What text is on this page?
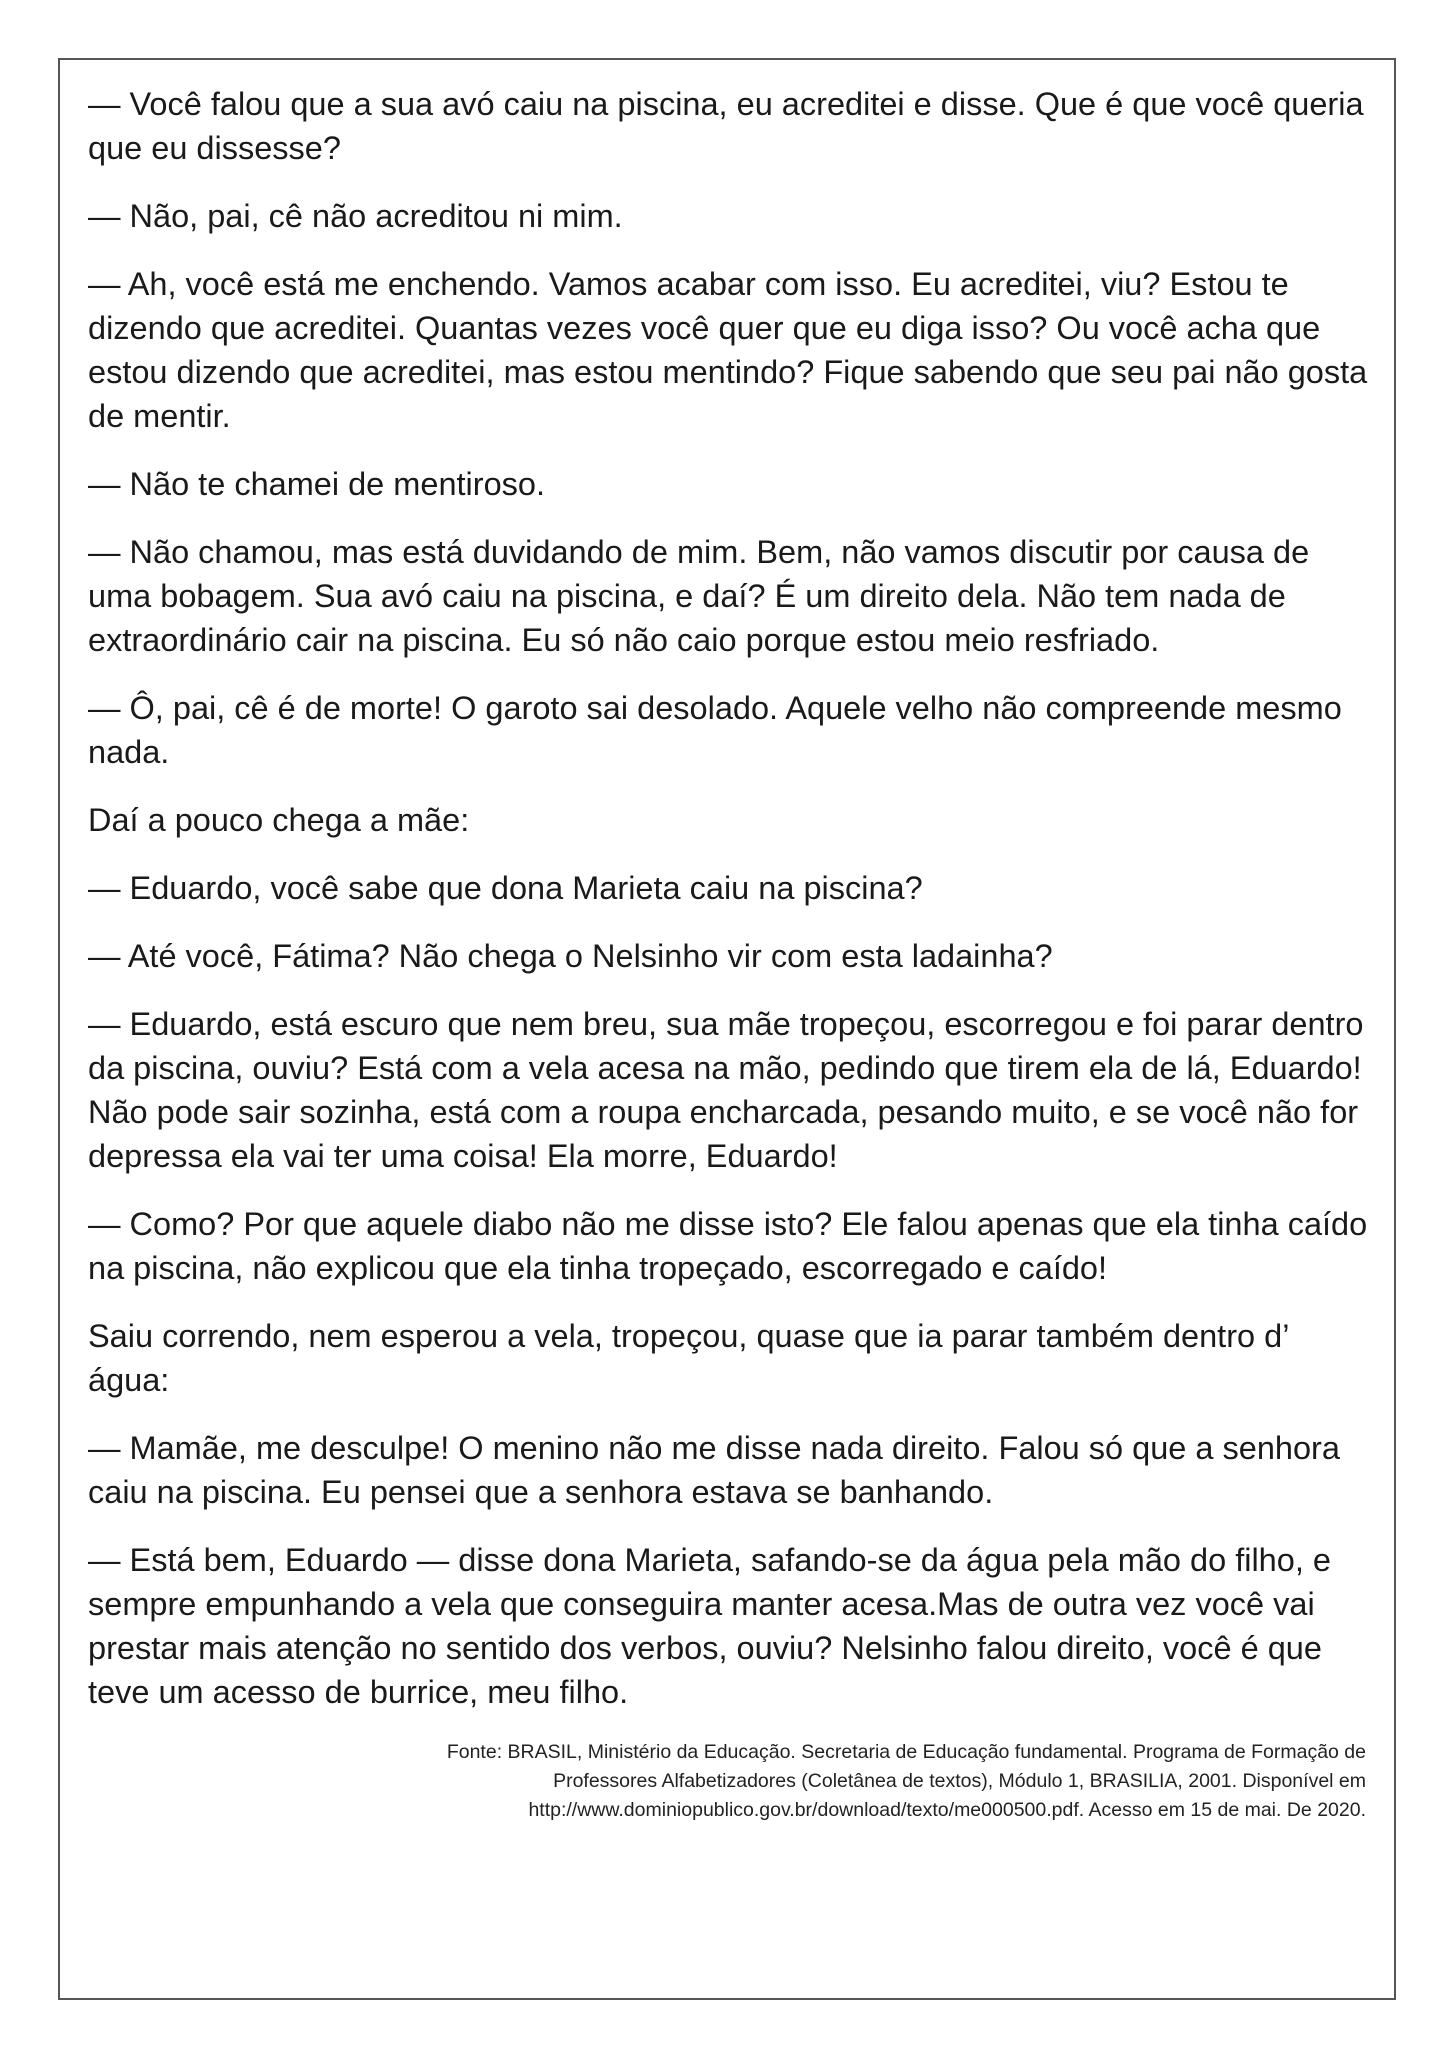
— Você falou que a sua avó caiu na piscina, eu acreditei e disse. Que é que você queria que eu dissesse?

— Não, pai, cê não acreditou ni mim.

— Ah, você está me enchendo. Vamos acabar com isso. Eu acreditei, viu? Estou te dizendo que acreditei. Quantas vezes você quer que eu diga isso? Ou você acha que estou dizendo que acreditei, mas estou mentindo? Fique sabendo que seu pai não gosta de mentir.

— Não te chamei de mentiroso.

— Não chamou, mas está duvidando de mim. Bem, não vamos discutir por causa de uma bobagem. Sua avó caiu na piscina, e daí? É um direito dela. Não tem nada de extraordinário cair na piscina. Eu só não caio porque estou meio resfriado.

— Ô, pai, cê é de morte! O garoto sai desolado. Aquele velho não compreende mesmo nada.

Daí a pouco chega a mãe:

— Eduardo, você sabe que dona Marieta caiu na piscina?

— Até você, Fátima? Não chega o Nelsinho vir com esta ladainha?

— Eduardo, está escuro que nem breu, sua mãe tropeçou, escorregou e foi parar dentro da piscina, ouviu? Está com a vela acesa na mão, pedindo que tirem ela de lá, Eduardo! Não pode sair sozinha, está com a roupa encharcada, pesando muito, e se você não for depressa ela vai ter uma coisa! Ela morre, Eduardo!

— Como? Por que aquele diabo não me disse isto? Ele falou apenas que ela tinha caído na piscina, não explicou que ela tinha tropeçado, escorregado e caído!

Saiu correndo, nem esperou a vela, tropeçou, quase que ia parar também dentro d’ água:

— Mamãe, me desculpe! O menino não me disse nada direito. Falou só que a senhora caiu na piscina. Eu pensei que a senhora estava se banhando.

— Está bem, Eduardo — disse dona Marieta, safando-se da água pela mão do filho, e sempre empunhando a vela que conseguira manter acesa.Mas de outra vez você vai prestar mais atenção no sentido dos verbos, ouviu? Nelsinho falou direito, você é que teve um acesso de burrice, meu filho.

Fonte: BRASIL, Ministério da Educação. Secretaria de Educação fundamental. Programa de Formação de
Professores Alfabetizadores (Coletânea de textos), Módulo 1, BRASILIA, 2001. Disponível em
http://www.dominiopublico.gov.br/download/texto/me000500.pdf. Acesso em 15 de mai. De 2020.
